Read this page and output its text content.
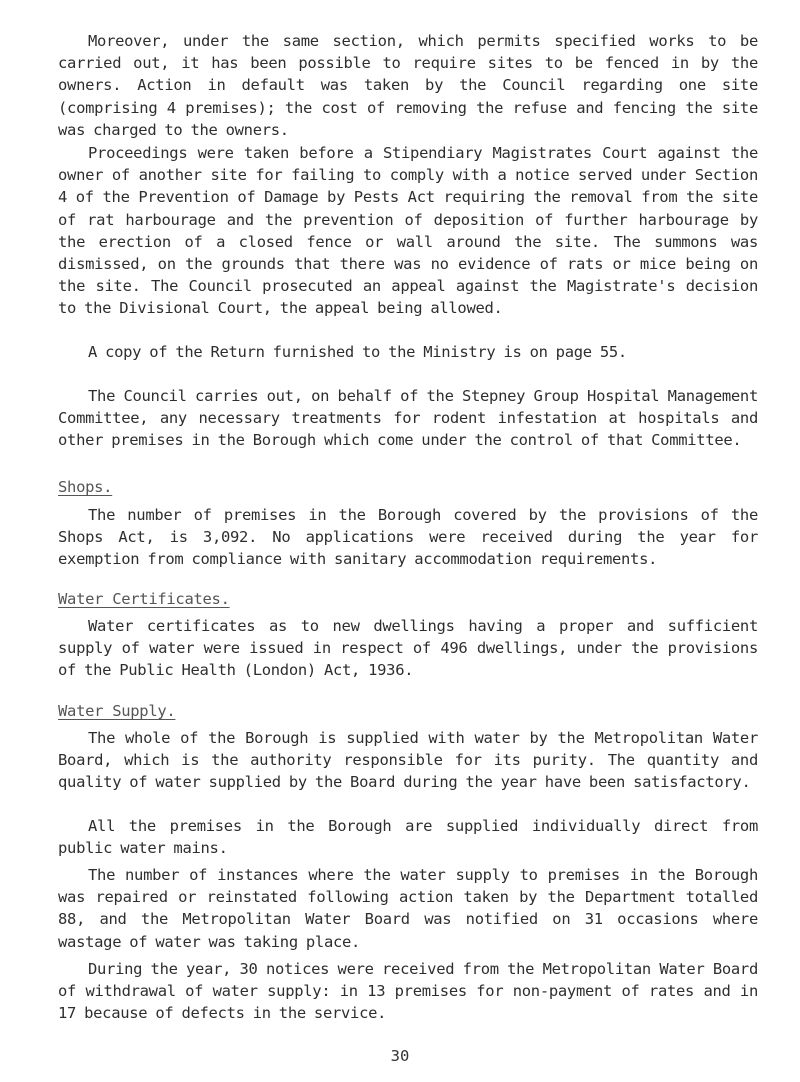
Moreover, under the same section, which permits specified works to be carried out, it has been possible to require sites to be fenced in by the owners. Action in default was taken by the Council regarding one site (comprising 4 premises); the cost of removing the refuse and fencing the site was charged to the owners.

Proceedings were taken before a Stipendiary Magistrates Court against the owner of another site for failing to comply with a notice served under Section 4 of the Prevention of Damage by Pests Act requiring the removal from the site of rat harbourage and the prevention of deposition of further harbourage by the erection of a closed fence or wall around the site. The summons was dismissed, on the grounds that there was no evidence of rats or mice being on the site. The Council prosecuted an appeal against the Magistrate's decision to the Divisional Court, the appeal being allowed.

A copy of the Return furnished to the Ministry is on page 55.

The Council carries out, on behalf of the Stepney Group Hospital Management Committee, any necessary treatments for rodent infestation at hospitals and other premises in the Borough which come under the control of that Committee.

Shops.

The number of premises in the Borough covered by the provisions of the Shops Act, is 3,092. No applications were received during the year for exemption from compliance with sanitary accommodation requirements.

Water Certificates.

Water certificates as to new dwellings having a proper and sufficient supply of water were issued in respect of 496 dwellings, under the provisions of the Public Health (London) Act, 1936.

Water Supply.

The whole of the Borough is supplied with water by the Metropolitan Water Board, which is the authority responsible for its purity. The quantity and quality of water supplied by the Board during the year have been satisfactory.

All the premises in the Borough are supplied individually direct from public water mains.

The number of instances where the water supply to premises in the Borough was repaired or reinstated following action taken by the Department totalled 88, and the Metropolitan Water Board was notified on 31 occasions where wastage of water was taking place.

During the year, 30 notices were received from the Metropolitan Water Board of withdrawal of water supply: in 13 premises for non-payment of rates and in 17 because of defects in the service.

30
